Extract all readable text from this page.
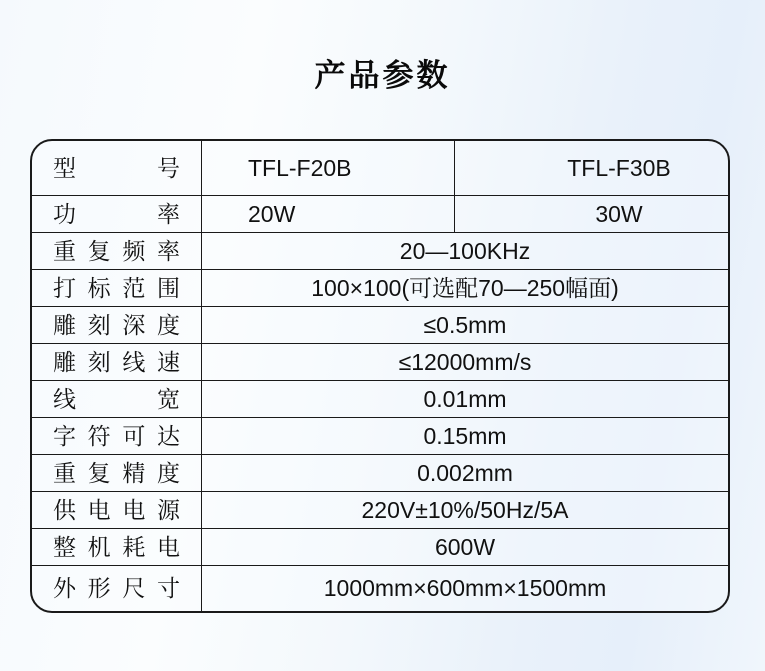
产品参数
型号	TFL-F20B	TFL-F30B
功率	20W	30W
重复频率	20—100KHz
打标范围	100×100(可选配70—250幅面)
雕刻深度	≤0.5mm
雕刻线速	≤12000mm/s
线宽	0.01mm
字符可达	0.15mm
重复精度	0.002mm
供电电源	220V±10%/50Hz/5A
整机耗电	600W
外形尺寸	1000mm×600mm×1500mm
